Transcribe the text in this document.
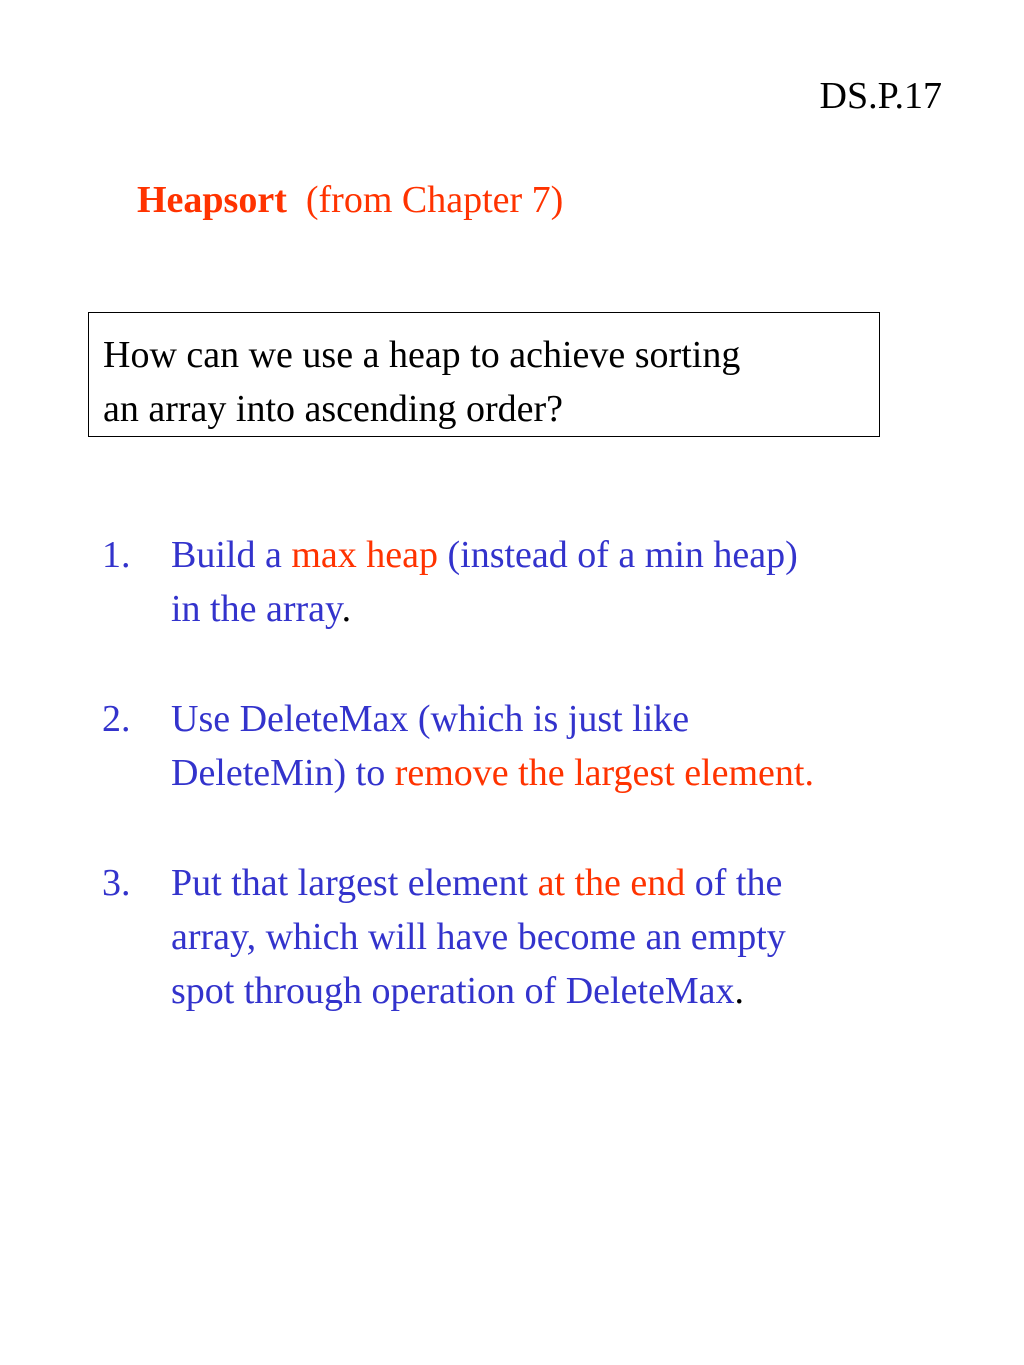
DS.P.17
Heapsort (from Chapter 7)
How can we use a heap to achieve sorting
an array into ascending order?
1. Build a max heap (instead of a min heap)
in the array.
2. Use DeleteMax (which is just like
DeleteMin) to remove the largest element.
3. Put that largest element at the end of the
array, which will have become an empty
spot through operation of DeleteMax.
